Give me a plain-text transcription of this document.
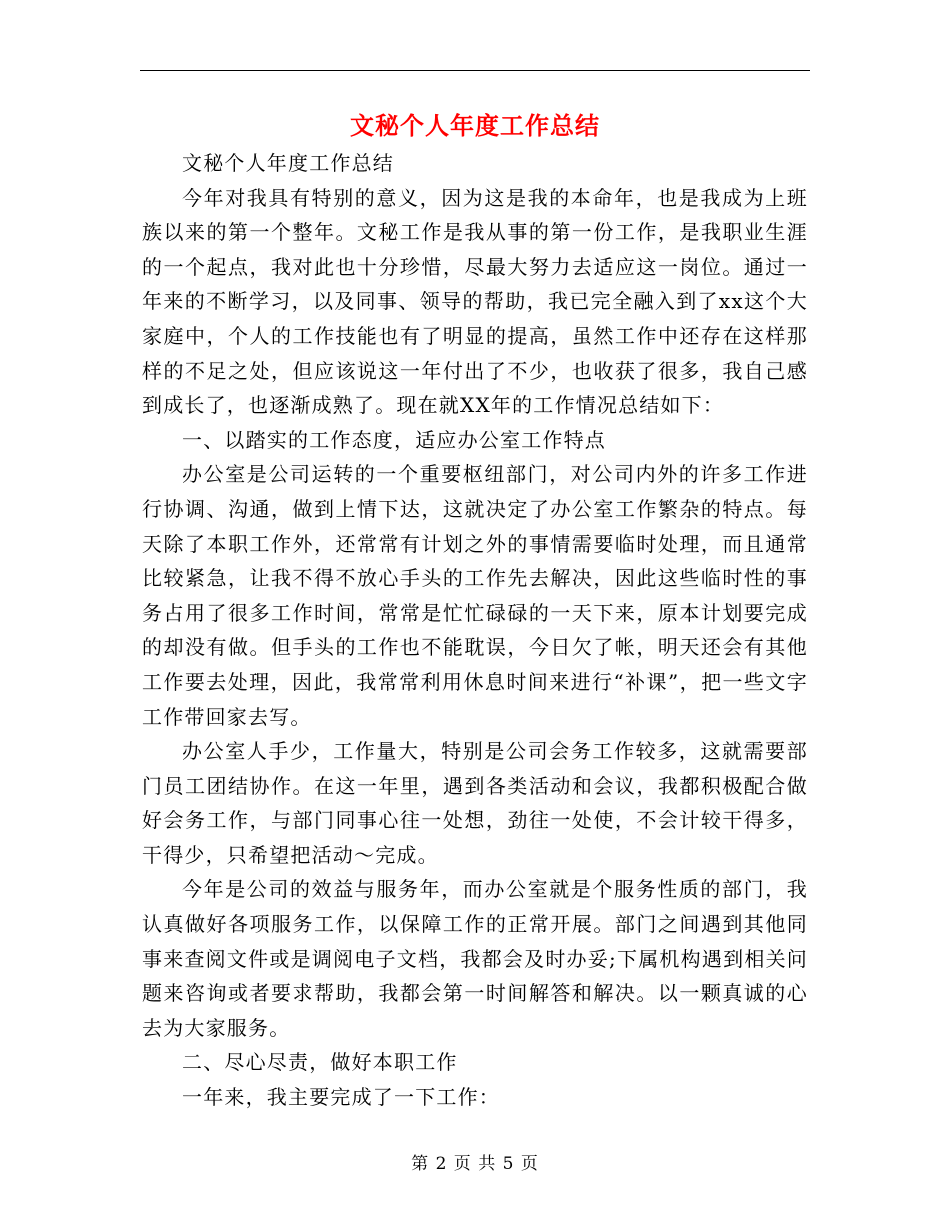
文秘个人年度工作总结

文秘个人年度工作总结

今年对我具有特别的意义，因为这是我的本命年，也是我成为上班族以来的第一个整年。文秘工作是我从事的第一份工作，是我职业生涯的一个起点，我对此也十分珍惜，尽最大努力去适应这一岗位。通过一年来的不断学习，以及同事、领导的帮助，我已完全融入到了xx这个大家庭中，个人的工作技能也有了明显的提高，虽然工作中还存在这样那样的不足之处，但应该说这一年付出了不少，也收获了很多，我自己感到成长了，也逐渐成熟了。现在就XX年的工作情况总结如下：

一、以踏实的工作态度，适应办公室工作特点

办公室是公司运转的一个重要枢纽部门，对公司内外的许多工作进行协调、沟通，做到上情下达，这就决定了办公室工作繁杂的特点。每天除了本职工作外，还常常有计划之外的事情需要临时处理，而且通常比较紧急，让我不得不放心手头的工作先去解决，因此这些临时性的事务占用了很多工作时间，常常是忙忙碌碌的一天下来，原本计划要完成的却没有做。但手头的工作也不能耽误，今日欠了帐，明天还会有其他工作要去处理，因此，我常常利用休息时间来进行“补课”，把一些文字工作带回家去写。

办公室人手少，工作量大，特别是公司会务工作较多，这就需要部门员工团结协作。在这一年里，遇到各类活动和会议，我都积极配合做好会务工作，与部门同事心往一处想，劲往一处使，不会计较干得多，干得少，只希望把活动～完成。

今年是公司的效益与服务年，而办公室就是个服务性质的部门，我认真做好各项服务工作，以保障工作的正常开展。部门之间遇到其他同事来查阅文件或是调阅电子文档，我都会及时办妥;下属机构遇到相关问题来咨询或者要求帮助，我都会第一时间解答和解决。以一颗真诚的心去为大家服务。

二、尽心尽责，做好本职工作

一年来，我主要完成了一下工作：

第 2 页 共 5 页
